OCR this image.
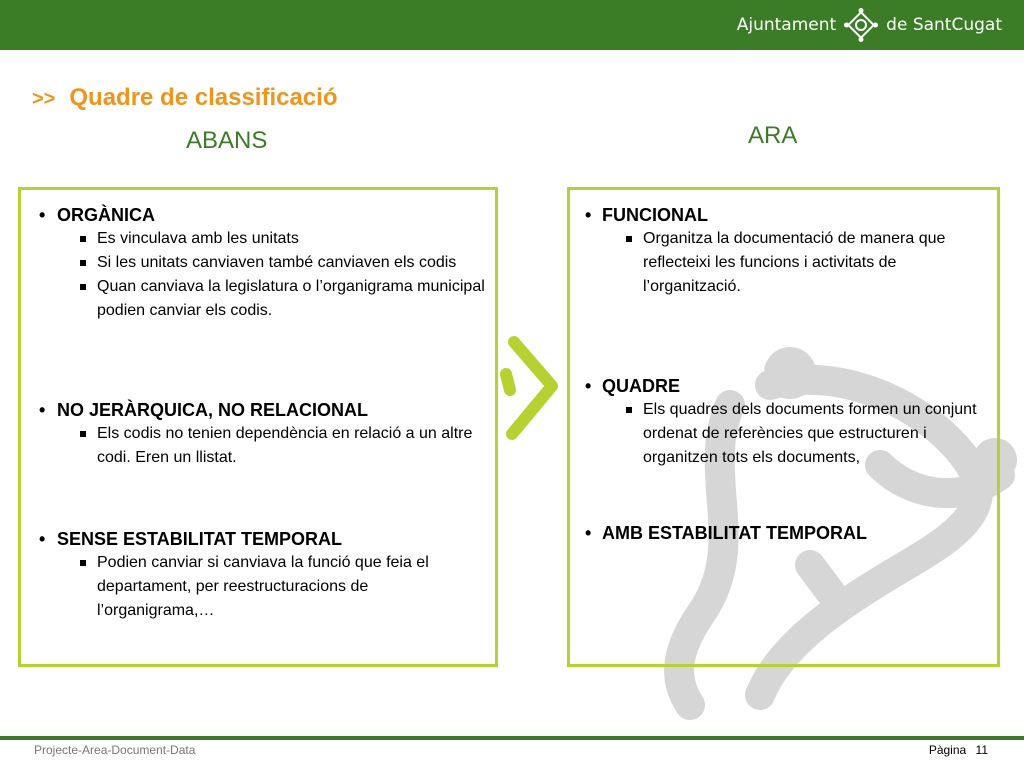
Ajuntament	de SantCugat
>> Quadre de classificació
ABANS	ARA
• ORGÀNICA
Es vinculava amb les unitats
Si les unitats canviaven també canviaven els codis
Quan canviava la legislatura o l’organigrama municipal podien canviar els codis.
• NO JERÀRQUICA, NO RELACIONAL
Els codis no tenien dependència en relació a un altre codi. Eren un llistat.
• SENSE ESTABILITAT TEMPORAL
Podien canviar si canviava la funció que feia el departament, per reestructuracions de l’organigrama,…
• FUNCIONAL
Organitza la documentació de manera que reflecteixi les funcions i activitats de l’organització.
• QUADRE
Els quadres dels documents formen un conjunt ordenat de referències que estructuren i organitzen tots els documents,
• AMB ESTABILITAT TEMPORAL
Projecte-Area-Document-Data	Pàgina 11
